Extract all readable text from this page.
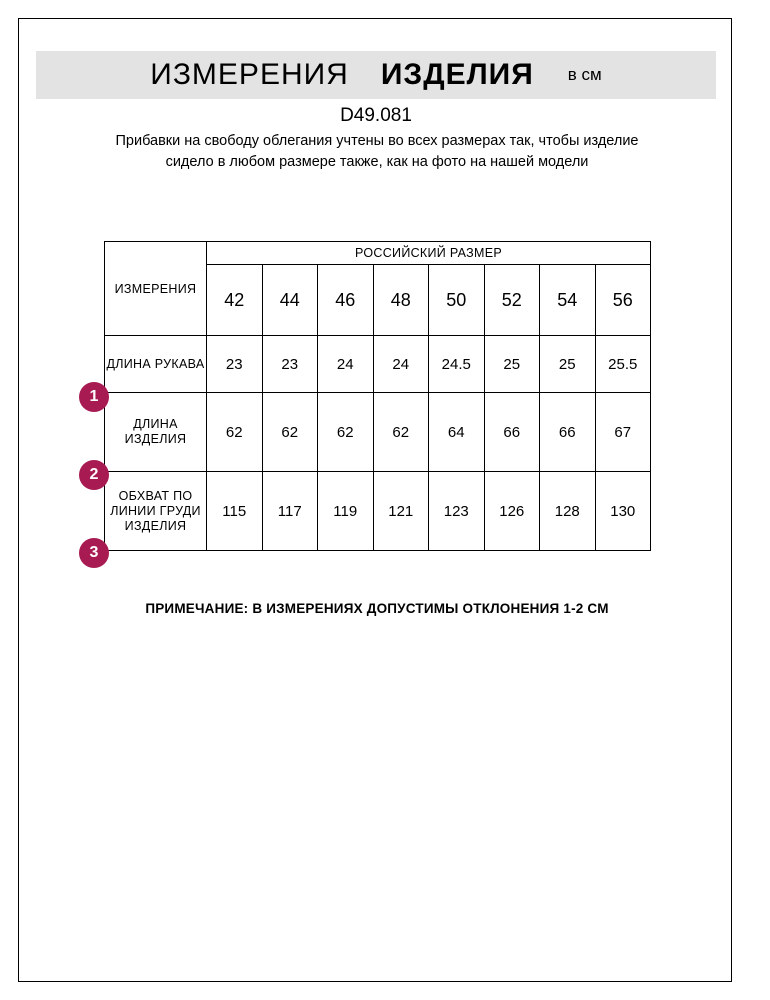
ИЗМЕРЕНИЯ ИЗДЕЛИЯ в см
D49.081
Прибавки на свободу облегания учтены во всех размерах так, чтобы изделие сидело в любом размере также, как на фото на нашей модели
ИЗМЕРЕНИЯ	РОССИЙСКИЙ РАЗМЕР							
	42	44	46	48	50	52	54	56
ДЛИНА РУКАВА	23	23	24	24	24.5	25	25	25.5
ДЛИНА ИЗДЕЛИЯ	62	62	62	62	64	66	66	67
ОБХВАТ ПО ЛИНИИ ГРУДИ ИЗДЕЛИЯ	115	117	119	121	123	126	128	130
1
2
3
ПРИМЕЧАНИЕ: В ИЗМЕРЕНИЯХ ДОПУСТИМЫ ОТКЛОНЕНИЯ 1-2 СМ
